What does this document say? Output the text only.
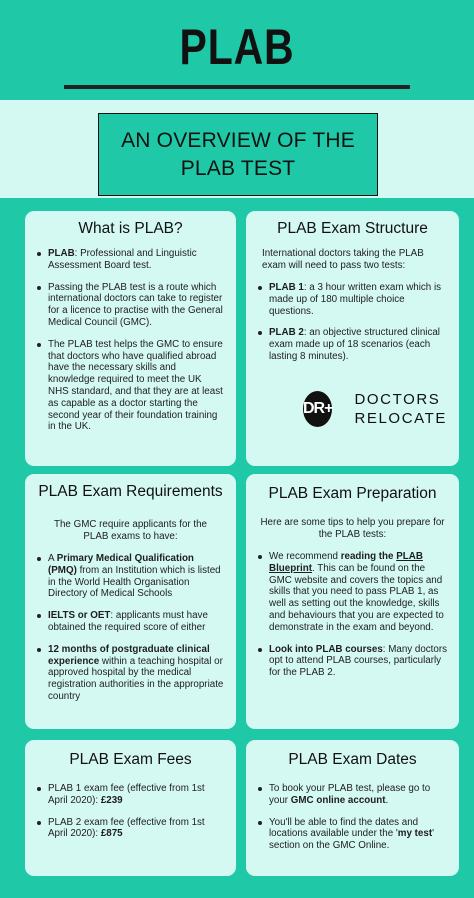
PLAB
AN OVERVIEW OF THE
PLAB TEST
What is PLAB?
PLAB: Professional and Linguistic Assessment Board test.
Passing the PLAB test is a route which international doctors can take to register for a licence to practise with the General Medical Council (GMC).
The PLAB test helps the GMC to ensure that doctors who have qualified abroad have the necessary skills and knowledge required to meet the UK NHS standard, and that they are at least as capable as a doctor starting the second year of their foundation training in the UK.
PLAB Exam Structure

International doctors taking the PLAB exam will need to pass two tests:

PLAB 1: a 3 hour written exam which is made up of 180 multiple choice questions.
PLAB 2: an objective structured clinical exam made up of 18 scenarios (each lasting 8 minutes).
DR+
DOCTORS
RELOCATE
PLAB Exam Requirements

The GMC require applicants for the PLAB exams to have:

A Primary Medical Qualification (PMQ) from an Institution which is listed in the World Health Organisation Directory of Medical Schools
IELTS or OET: applicants must have obtained the required score of either
12 months of postgraduate clinical experience within a teaching hospital or approved hospital by the medical registration authorities in the appropriate country
PLAB Exam Preparation

Here are some tips to help you prepare for the PLAB tests:

We recommend reading the PLAB Blueprint. This can be found on the GMC website and covers the topics and skills that you need to pass PLAB 1, as well as setting out the knowledge, skills and behaviours that you are expected to demonstrate in the exam and beyond.
Look into PLAB courses: Many doctors opt to attend PLAB courses, particularly for the PLAB 2.
PLAB Exam Fees
PLAB 1 exam fee (effective from 1st April 2020): £239
PLAB 2 exam fee (effective from 1st April 2020): £875
PLAB Exam Dates
To book your PLAB test, please go to your GMC online account.
You'll be able to find the dates and locations available under the 'my test' section on the GMC Online.
